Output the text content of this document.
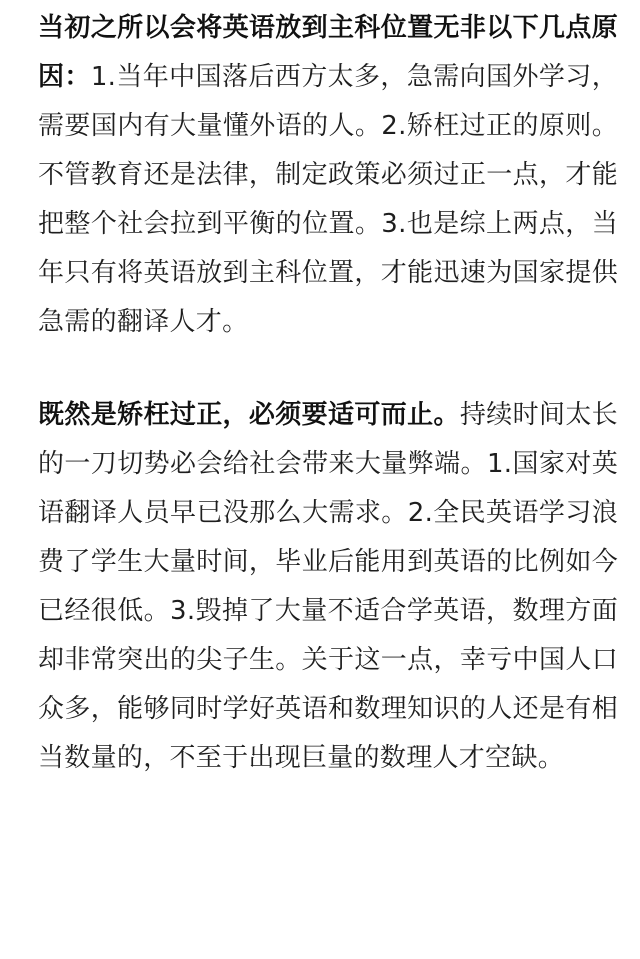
当初之所以会将英语放到主科位置无非以下几点原因：1.当年中国落后西方太多，急需向国外学习，需要国内有大量懂外语的人。2.矫枉过正的原则。不管教育还是法律，制定政策必须过正一点，才能把整个社会拉到平衡的位置。3.也是综上两点，当年只有将英语放到主科位置，才能迅速为国家提供急需的翻译人才。

既然是矫枉过正，必须要适可而止。持续时间太长的一刀切势必会给社会带来大量弊端。1.国家对英语翻译人员早已没那么大需求。2.全民英语学习浪费了学生大量时间，毕业后能用到英语的比例如今已经很低。3.毁掉了大量不适合学英语，数理方面却非常突出的尖子生。关于这一点，幸亏中国人口众多，能够同时学好英语和数理知识的人还是有相当数量的，不至于出现巨量的数理人才空缺。
